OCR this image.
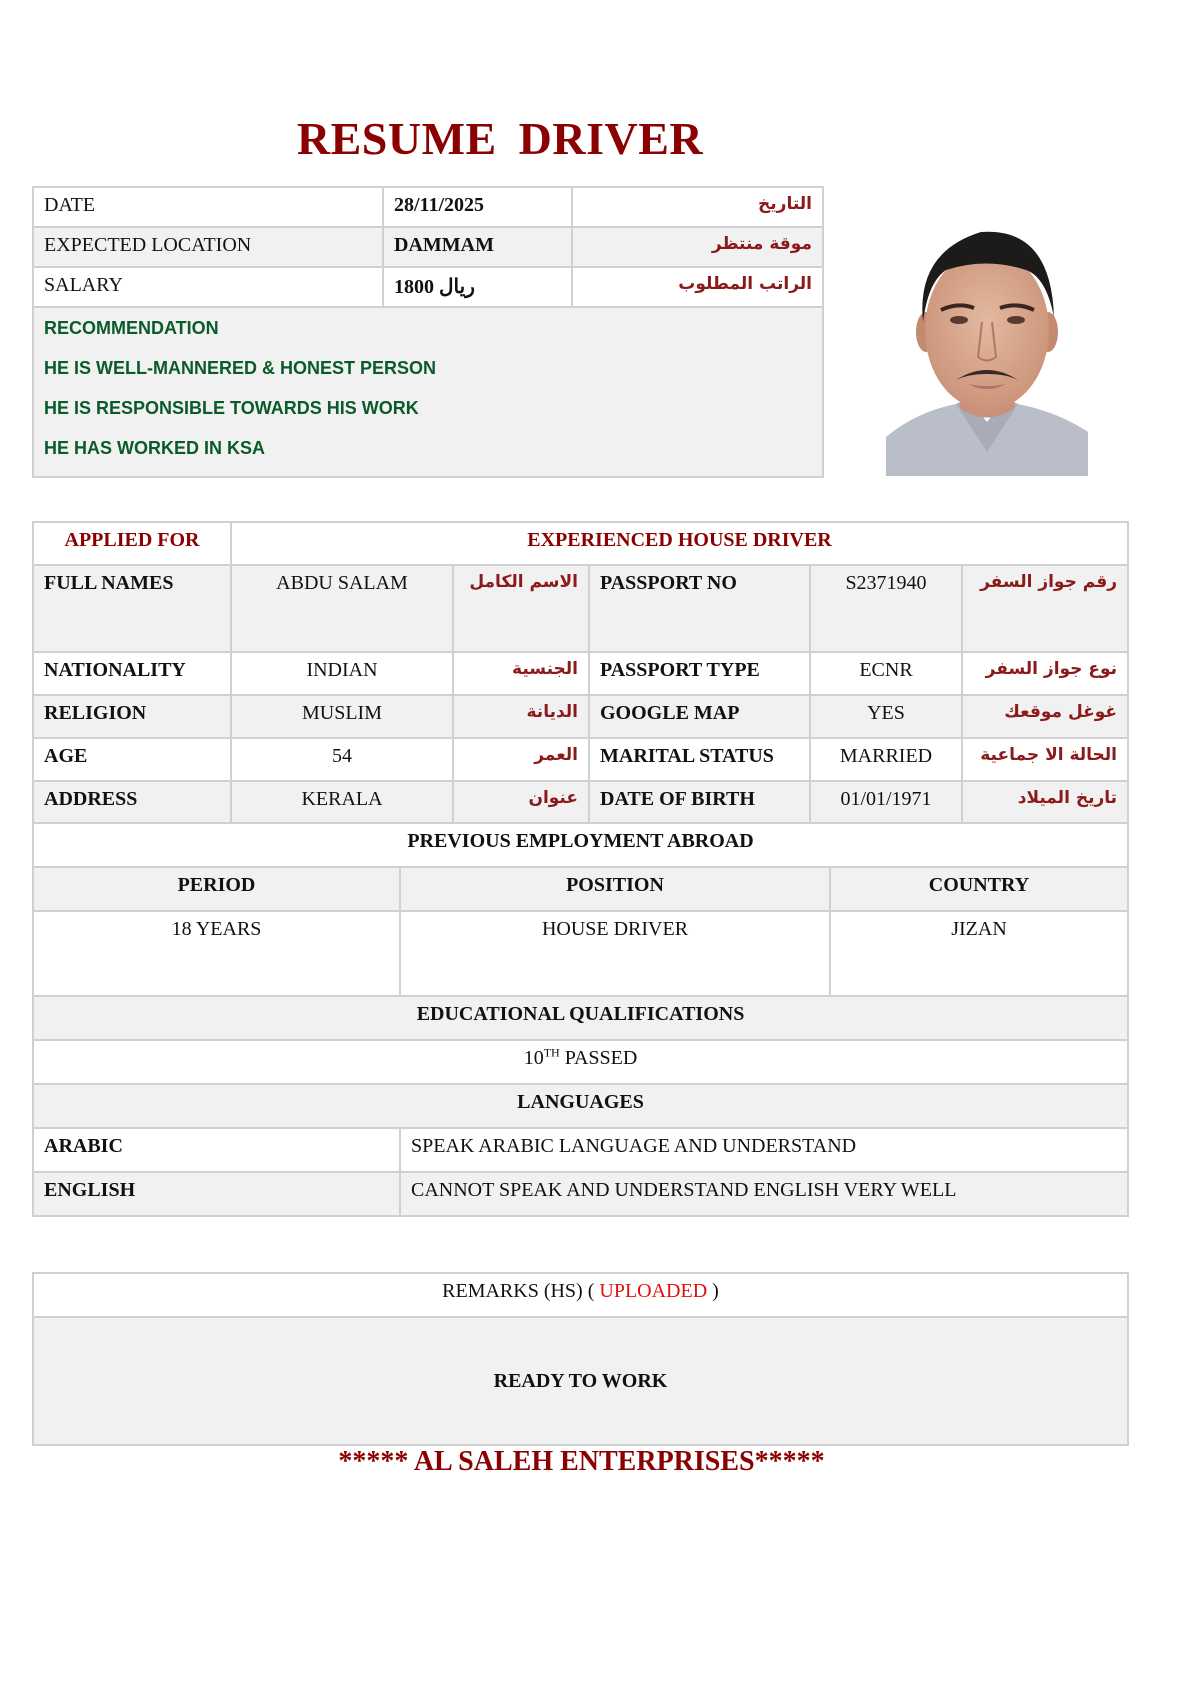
RESUME DRIVER
DATE	28/11/2025	التاريخ
EXPECTED LOCATION	DAMMAM	موقة منتظر
SALARY	1800 ريال	الراتب المطلوب

RECOMMENDATION
HE IS WELL-MANNERED & HONEST PERSON
HE IS RESPONSIBLE TOWARDS HIS WORK
HE HAS WORKED IN KSA		
APPLIED FOR	EXPERIENCED HOUSE DRIVER				
FULL NAMES	ABDU SALAM	الاسم الكامل	PASSPORT NO	S2371940	رقم جواز السفر
NATIONALITY	INDIAN	الجنسية	PASSPORT TYPE	ECNR	نوع جواز السفر
RELIGION	MUSLIM	الديانة	GOOGLE MAP	YES	غوغل موقعك
AGE	54	العمر	MARITAL STATUS	MARRIED	الحالة الا جماعية
ADDRESS	KERALA	عنوان	DATE OF BIRTH	01/01/1971	تاريخ الميلاد
PREVIOUS EMPLOYMENT ABROAD		
PERIOD	POSITION	COUNTRY
18 YEARS	HOUSE DRIVER	JIZAN
EDUCATIONAL QUALIFICATIONS		
10TH PASSED		
LANGUAGES		
ARABIC	SPEAK ARABIC LANGUAGE AND UNDERSTAND	
ENGLISH	CANNOT SPEAK AND UNDERSTAND ENGLISH VERY WELL	
REMARKS (HS) ( UPLOADED )
READY TO WORK
***** AL SALEH ENTERPRISES*****
